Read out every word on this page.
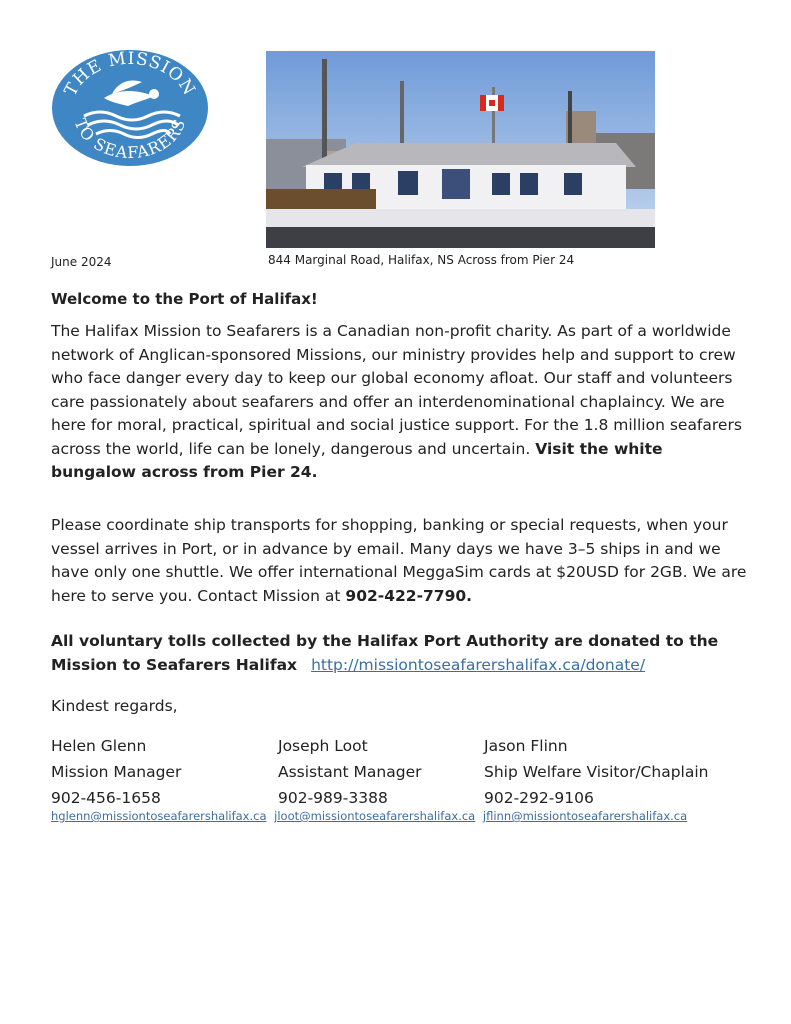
THE MISSION
TO SEAFARERS
June 2024	844 Marginal Road, Halifax, NS Across from Pier 24
Welcome to the Port of Halifax!

The Halifax Mission to Seafarers is a Canadian non-profit charity. As part of a worldwide network of Anglican-sponsored Missions, our ministry provides help and support to crew who face danger every day to keep our global economy afloat. Our staff and volunteers care passionately about seafarers and offer an interdenominational chaplaincy. We are here for moral, practical, spiritual and social justice support. For the 1.8 million seafarers across the world, life can be lonely, dangerous and uncertain. Visit the white bungalow across from Pier 24.

Please coordinate ship transports for shopping, banking or special requests, when your vessel arrives in Port, or in advance by email. Many days we have 3–5 ships in and we have only one shuttle. We offer international MeggaSim cards at $20USD for 2GB. We are here to serve you. Contact Mission at 902-422-7790.

All voluntary tolls collected by the Halifax Port Authority are donated to the Mission to Seafarers Halifax http://missiontoseafarershalifax.ca/donate/

Kindest regards,
Helen Glenn
Mission Manager
902-456-1658
Joseph Loot
Assistant Manager
902-989-3388
Jason Flinn
Ship Welfare Visitor/Chaplain
902-292-9106
hglenn@missiontoseafarershalifax.ca jloot@missiontoseafarershalifax.ca jflinn@missiontoseafarershalifax.ca
